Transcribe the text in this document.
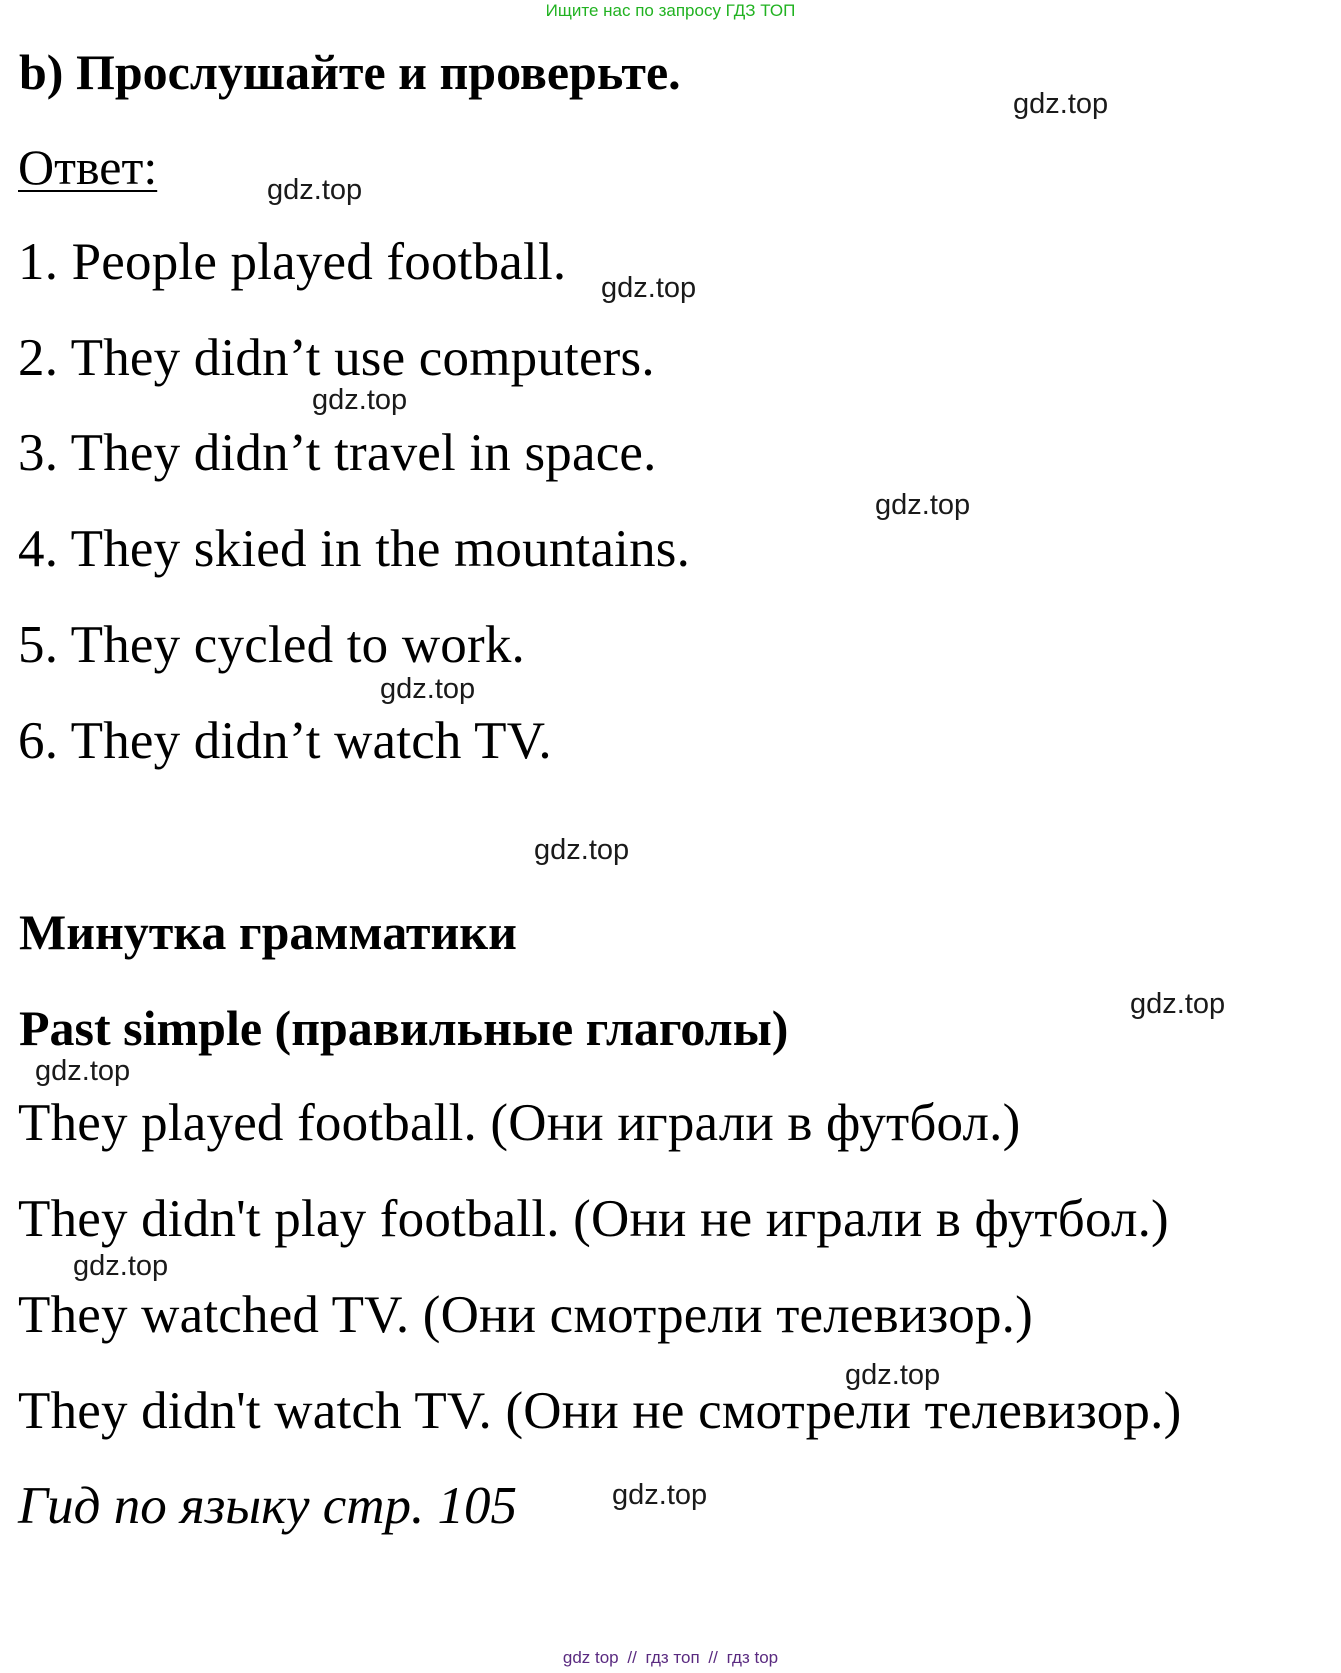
Ищите нас по запросу ГДЗ ТОП
b) Прослушайте и проверьте.
Ответ:
1. People played football.
2. They didn’t use computers.
3. They didn’t travel in space.
4. They skied in the mountains.
5. They cycled to work.
6. They didn’t watch TV.
Минутка грамматики
Past simple (правильные глаголы)
They played football. (Они играли в футбол.)
They didn't play football. (Они не играли в футбол.)
They watched TV. (Они смотрели телевизор.)
They didn't watch TV. (Они не смотрели телевизор.)
Гид по языку стр. 105
gdz.top
gdz.top
gdz.top
gdz.top
gdz.top
gdz.top
gdz.top
gdz.top
gdz.top
gdz.top
gdz.top
gdz.top
gdz top // гдз топ // гдз top
